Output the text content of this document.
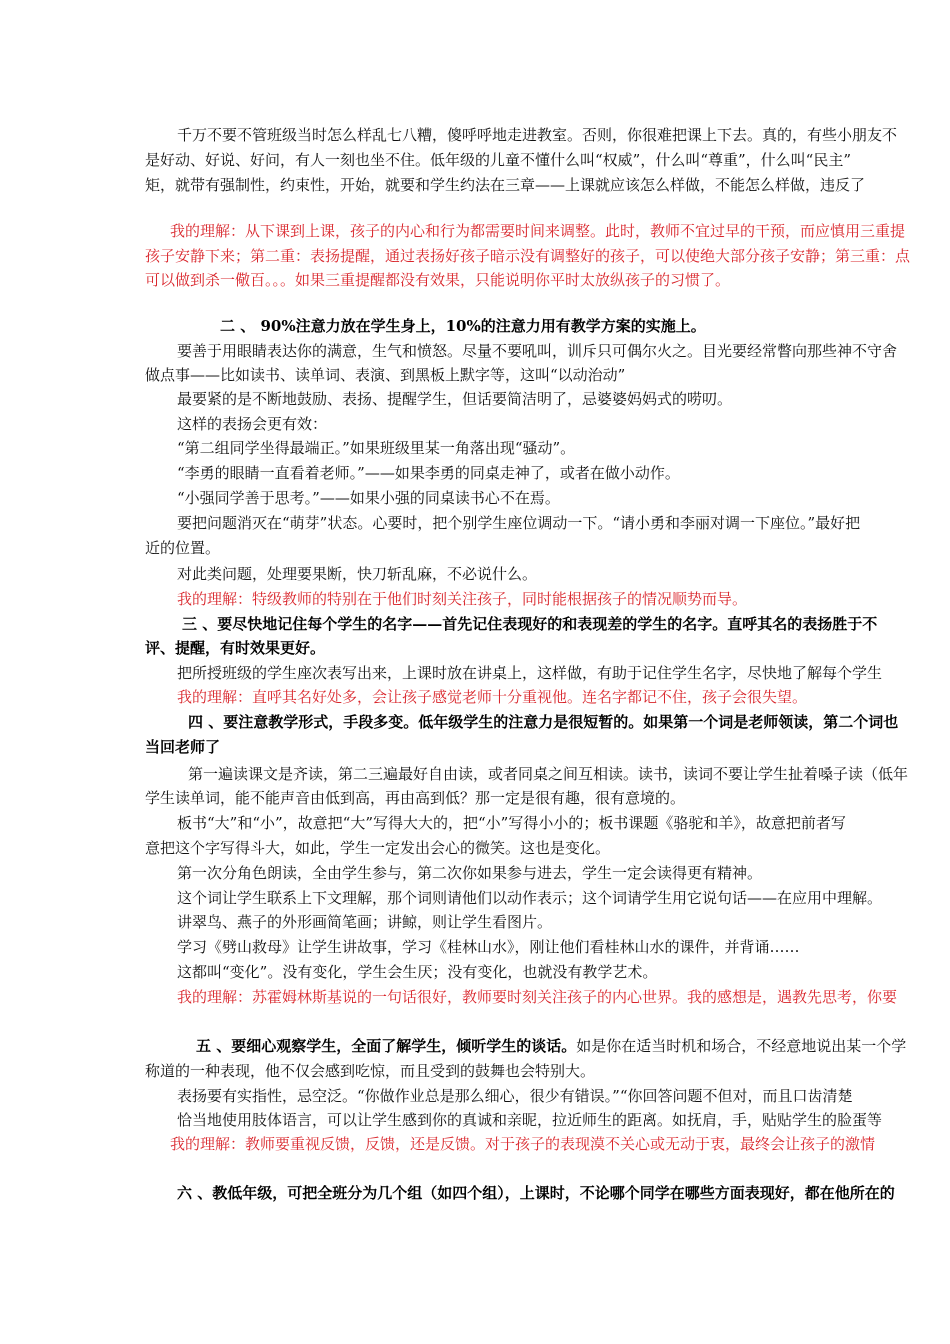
千万不要不管班级当时怎么样乱七八糟，傻呼呼地走进教室。否则，你很难把课上下去。真的，有些小朋友不
是好动、好说、好问，有人一刻也坐不住。低年级的儿童不懂什么叫“权威”，什么叫“尊重”，什么叫“民主”
矩，就带有强制性，约束性，开始，就要和学生约法在三章——上课就应该怎么样做，不能怎么样做，违反了
我的理解：从下课到上课，孩子的内心和行为都需要时间来调整。此时，教师不宜过早的干预，而应慎用三重提
孩子安静下来；第二重：表扬提醒，通过表扬好孩子暗示没有调整好的孩子，可以使绝大部分孩子安静；第三重：点
可以做到杀一儆百。。。如果三重提醒都没有效果，只能说明你平时太放纵孩子的习惯了。
二 、 90%注意力放在学生身上，10%的注意力用有教学方案的实施上。
要善于用眼睛表达你的满意，生气和愤怒。尽量不要吼叫，训斥只可偶尔火之。目光要经常瞥向那些神不守舍
做点事——比如读书、读单词、表演、到黑板上默字等，这叫“以动治动”
最要紧的是不断地鼓励、表扬、提醒学生，但话要简洁明了，忌婆婆妈妈式的唠叨。
这样的表扬会更有效：
“第二组同学坐得最端正。”如果班级里某一角落出现“骚动”。
“李勇的眼睛一直看着老师。”——如果李勇的同桌走神了，或者在做小动作。
“小强同学善于思考。”——如果小强的同桌读书心不在焉。
要把问题消灭在“萌芽”状态。心要时，把个别学生座位调动一下。“请小勇和李丽对调一下座位。”最好把
近的位置。
对此类问题，处理要果断，快刀斩乱麻，不必说什么。
我的理解：特级教师的特别在于他们时刻关注孩子，同时能根据孩子的情况顺势而导。
三 、要尽快地记住每个学生的名字——首先记住表现好的和表现差的学生的名字。直呼其名的表扬胜于不
评、提醒，有时效果更好。
把所授班级的学生座次表写出来，上课时放在讲桌上，这样做，有助于记住学生名字，尽快地了解每个学生
我的理解：直呼其名好处多，会让孩子感觉老师十分重视他。连名字都记不住，孩子会很失望。
四 、要注意教学形式，手段多变。低年级学生的注意力是很短暂的。如果第一个词是老师领读，第二个词也
当回老师了
第一遍读课文是齐读，第二三遍最好自由读，或者同桌之间互相读。读书，读词不要让学生扯着嗓子读（低年
学生读单词，能不能声音由低到高，再由高到低？那一定是很有趣，很有意境的。
板书“大”和“小”，故意把“大”写得大大的，把“小”写得小小的；板书课题《骆驼和羊》，故意把前者写
意把这个字写得斗大，如此，学生一定发出会心的微笑。这也是变化。
第一次分角色朗读，全由学生参与，第二次你如果参与进去，学生一定会读得更有精神。
这个词让学生联系上下文理解，那个词则请他们以动作表示；这个词请学生用它说句话——在应用中理解。
讲翠鸟、燕子的外形画简笔画；讲鲸，则让学生看图片。
学习《劈山救母》让学生讲故事，学习《桂林山水》，刚让他们看桂林山水的课件，并背诵……
这都叫“变化”。没有变化，学生会生厌；没有变化，也就没有教学艺术。
我的理解：苏霍姆林斯基说的一句话很好，教师要时刻关注孩子的内心世界。我的感想是，遇教先思考，你要
五 、要细心观察学生，全面了解学生，倾听学生的谈话。如是你在适当时机和场合，不经意地说出某一个学
称道的一种表现，他不仅会感到吃惊，而且受到的鼓舞也会特别大。
表扬要有实指性，忌空泛。“你做作业总是那么细心，很少有错误。”“你回答问题不但对，而且口齿清楚
恰当地使用肢体语言，可以让学生感到你的真诚和亲昵，拉近师生的距离。如抚肩，手，贴贴学生的脸蛋等
我的理解：教师要重视反馈，反馈，还是反馈。对于孩子的表现漠不关心或无动于衷，最终会让孩子的激情
六 、教低年级，可把全班分为几个组（如四个组），上课时，不论哪个同学在哪些方面表现好，都在他所在的
